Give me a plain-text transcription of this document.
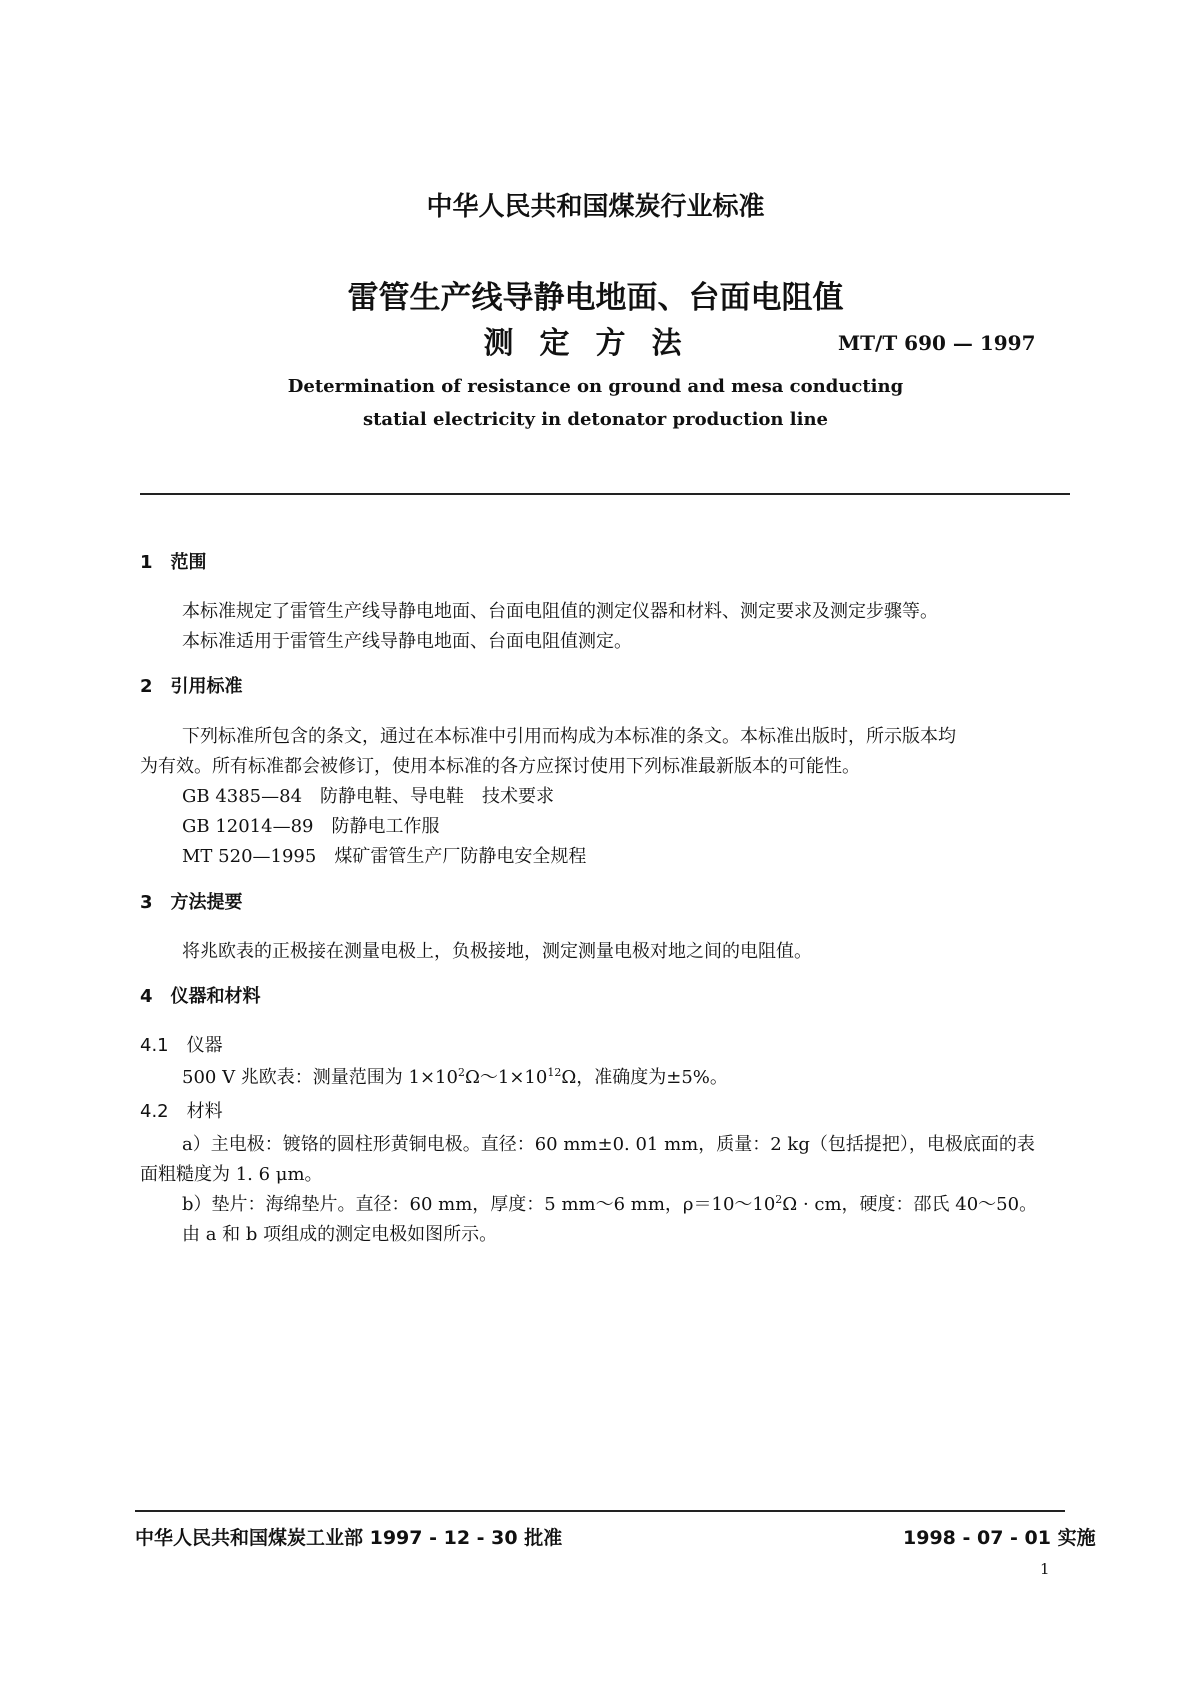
中华人民共和国煤炭行业标准
雷管生产线导静电地面、台面电阻值
测定方法	MT/T 690 — 1997
Determination of resistance on ground and mesa conducting
statial electricity in detonator production line
1　范围
本标准规定了雷管生产线导静电地面、台面电阻值的测定仪器和材料、测定要求及测定步骤等。
本标准适用于雷管生产线导静电地面、台面电阻值测定。
2　引用标准
下列标准所包含的条文，通过在本标准中引用而构成为本标准的条文。本标准出版时，所示版本均
为有效。所有标准都会被修订，使用本标准的各方应探讨使用下列标准最新版本的可能性。
GB 4385—84　 防静电鞋、导电鞋　技术要求
GB 12014—89　 防静电工作服
MT 520—1995　 煤矿雷管生产厂防静电安全规程
3　方法提要
将兆欧表的正极接在测量电极上，负极接地，测定测量电极对地之间的电阻值。
4　仪器和材料
4.1　仪器
500 V 兆欧表：测量范围为 $1\times 10^2\Omega\sim 1\times 10^{12}\Omega$，准确度为±5%。
4.2　材料
a）主电极：镀铬的圆柱形黄铜电极。直径：60 mm±0. 01 mm，质量：2 kg（包括提把），电极底面的表
面粗糙度为 1. 6 μm。
b）垫片：海绵垫片。直径：60 mm，厚度：5 mm～6 mm，$\rho=10\sim 10^2\Omega$ · cm，硬度：邵氏 40～50。
由 a 和 b 项组成的测定电极如图所示。
中华人民共和国煤炭工业部 1997 - 12 - 30 批准	1998 - 07 - 01 实施
1
